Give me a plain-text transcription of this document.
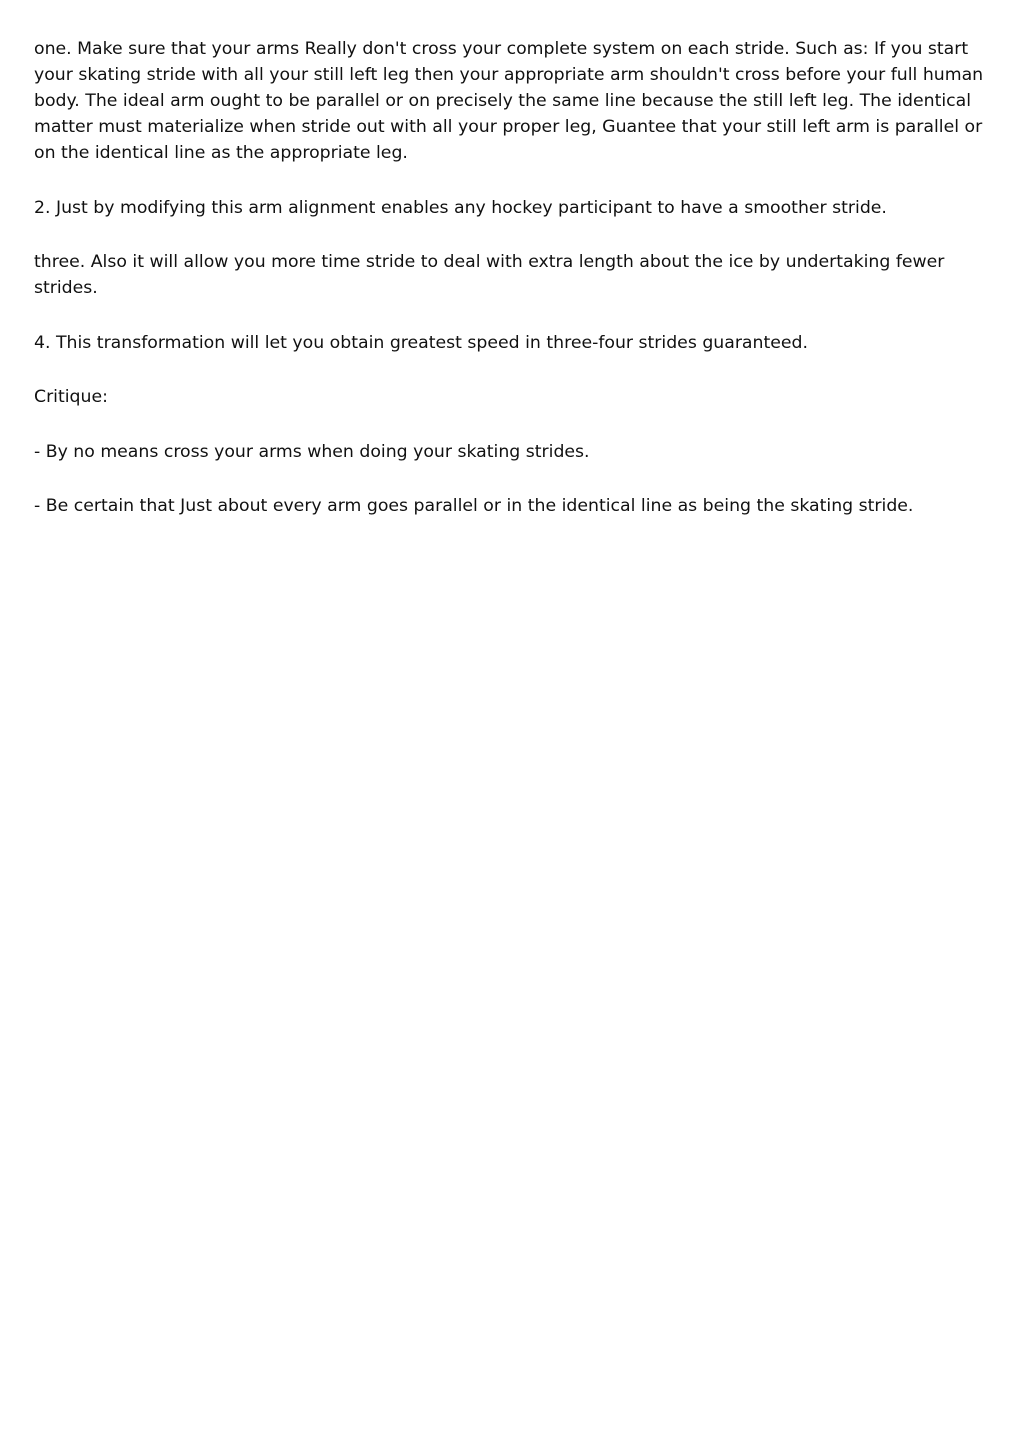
one. Make sure that your arms Really don't cross your complete system on each stride. Such as: If you start your skating stride with all your still left leg then your appropriate arm shouldn't cross before your full human body. The ideal arm ought to be parallel or on precisely the same line because the still left leg. The identical matter must materialize when stride out with all your proper leg, Guantee that your still left arm is parallel or on the identical line as the appropriate leg.

2. Just by modifying this arm alignment enables any hockey participant to have a smoother stride.

three. Also it will allow you more time stride to deal with extra length about the ice by undertaking fewer strides.

4. This transformation will let you obtain greatest speed in three-four strides guaranteed.

Critique:

- By no means cross your arms when doing your skating strides.

- Be certain that Just about every arm goes parallel or in the identical line as being the skating stride.
